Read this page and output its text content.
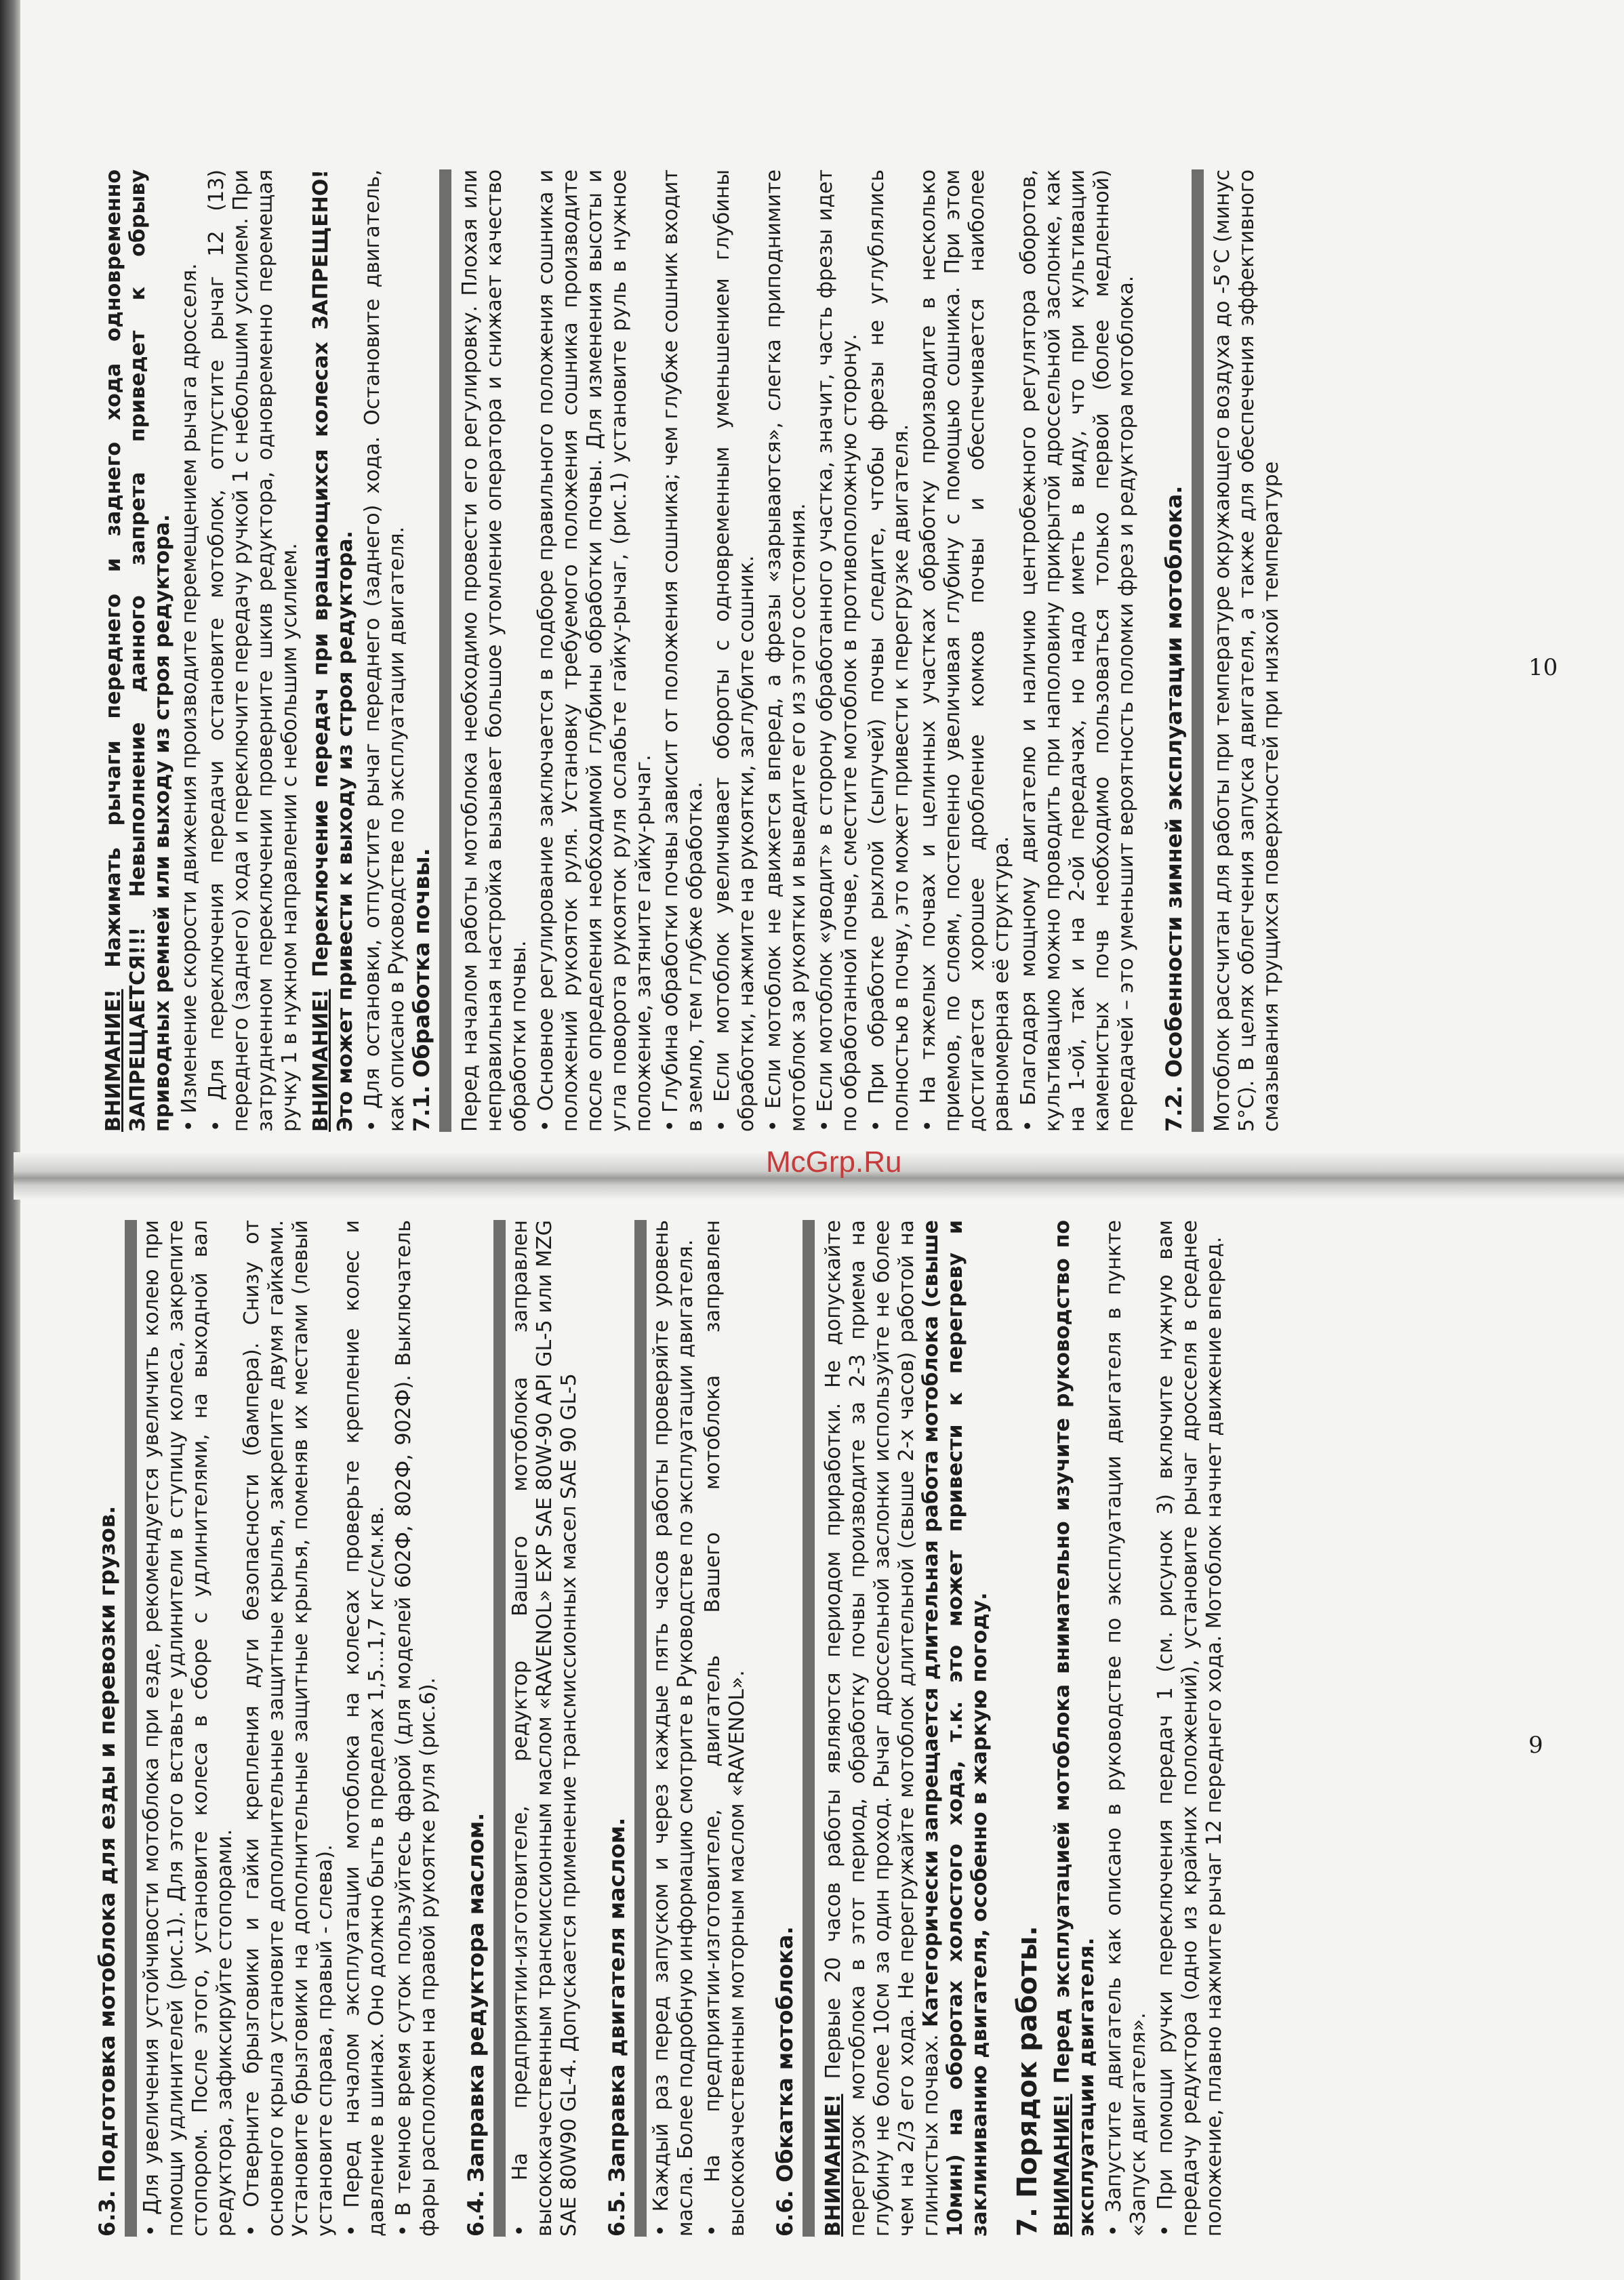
ВНИМАНИЕ! Нажимать рычаги переднего и заднего хода одновременно ЗАПРЕЩАЕТСЯ!!! Невыполнение данного запрета приведет к обрыву приводных ремней или выходу из строя редуктора. • Изменение скорости движения производите перемещением рычага дросселя. • Для переключения передачи остановите мотоблок, отпустите рычаг 12 (13) переднего (заднего) хода и переключите передачу ручкой 1 с небольшим усилием. При затрудненном переключении проверните шкив редуктора, одновременно перемещая ручку 1 в нужном направлении с небольшим усилием. ВНИМАНИЕ! Переключение передач при вращающихся колесах ЗАПРЕЩЕНО! Это может привести к выходу из строя редуктора. • Для остановки, отпустите рычаг переднего (заднего) хода. Остановите двигатель, как описано в Руководстве по эксплуатации двигателя. 7.1. Обработка почвы.	Перед началом работы мотоблока необходимо провести его регулировку. Плохая или неправильная настройка вызывает большое утомление оператора и снижает качество обработки почвы. • Основное регулирование заключается в подборе правильного положения сошника и положений рукояток руля. Установку требуемого положения сошника производите после определения необходимой глубины обработки почвы. Для изменения высоты и угла поворота рукояток руля ослабьте гайку-рычаг, (рис.1) установите руль в нужное положение, затяните гайку-рычаг. • Глубина обработки почвы зависит от положения сошника; чем глубже сошник входит в землю, тем глубже обработка. • Если мотоблок увеличивает обороты с одновременным уменьшением глубины обработки, нажмите на рукоятки, заглубите сошник. • Если мотоблок не движется вперед, а фрезы «зарываются», слегка приподнимите мотоблок за рукоятки и выведите его из этого состояния. • Если мотоблок «уводит» в сторону обработанного участка, значит, часть фрезы идет по обработанной почве, сместите мотоблок в противоположную сторону. • При обработке рыхлой (сыпучей) почвы следите, чтобы фрезы не углублялись полностью в почву, это может привести к перегрузке двигателя. • На тяжелых почвах и целинных участках обработку производите в несколько приемов, по слоям, постепенно увеличивая глубину с помощью сошника. При этом достигается хорошее дробление комков почвы и обеспечивается наиболее равномерная её структура. • Благодаря мощному двигателю и наличию центробежного регулятора оборотов, культивацию можно проводить при наполовину прикрытой дроссельной заслонке, как на 1-ой, так и на 2-ой передачах, но надо иметь в виду, что при культивации каменистых почв необходимо пользоваться только первой (более медленной) передачей – это уменьшит вероятность поломки фрез и редуктора мотоблока. 7.2. Особенности зимней эксплуатации мотоблока.	Мотоблок рассчитан для работы при температуре окружающего воздуха до -5°С (минус 5°С). В целях облегчения запуска двигателя, а также для обеспечения эффективного смазывания трущихся поверхностей при низкой температуре

6.3. Подготовка мотоблока для езды и перевозки грузов. • Для увеличения устойчивости мотоблока при езде, рекомендуется увеличить колею при помощи удлинителей (рис.1). Для этого вставьте удлинители в ступицу колеса, закрепите стопором. После этого, установите колеса в сборе с удлинителями, на выходной вал редуктора, зафиксируйте стопорами. • Отверните брызговики и гайки крепления дуги безопасности (бампера). Снизу от основного крыла установите дополнительные защитные крылья, закрепите двумя гайками. Установите брызговики на дополнительные защитные крылья, поменяв их местами (левый установите справа, правый - слева). • Перед началом эксплуатации мотоблока на колесах проверьте крепление колес и давление в шинах. Оно должно быть в пределах 1,5...1,7 кгс/см.кв. • В темное время суток пользуйтесь фарой (для моделей 602Ф, 802Ф, 902Ф). Выключатель фары расположен на правой рукоятке руля (рис.6). 6.4. Заправка редуктора маслом. • На предприятии-изготовителе, редуктор Вашего мотоблока заправлен высококачественным трансмиссионным маслом «RAVENOL» EXP SAE 80W-90 API GL-5 или MZG SAE 80W90 GL-4. Допускается применение трансмиссионных масел SAE 90 GL-5 6.5. Заправка двигателя маслом. • Каждый раз перед запуском и через каждые пять часов работы проверяйте уровень масла. Более подробную информацию смотрите в Руководстве по эксплуатации двигателя. • На предприятии-изготовителе, двигатель Вашего мотоблока заправлен высококачественным моторным маслом «RAVENOL». 6.6. Обкатка мотоблока.	ВНИМАНИЕ! Первые 20 часов работы являются периодом приработки. Не допускайте перегрузок мотоблока в этот период, обработку почвы производите за 2-3 приема на глубину не более 10см за один проход. Рычаг дроссельной заслонки используйте не более чем на 2/3 его хода. Не перегружайте мотоблок длительной (свыше 2-х часов) работой на глинистых почвах. Категорически запрещается длительная работа мотоблока (свыше 10мин) на оборотах холостого хода, т.к. это может привести к перегреву и заклиниванию двигателя, особенно в жаркую погоду. 7. Порядок работы. ВНИМАНИЕ! Перед эксплуатацией мотоблока внимательно изучите руководство по эксплуатации двигателя. • Запустите двигатель как описано в руководстве по эксплуатации двигателя в пункте «Запуск двигателя». • При помощи ручки переключения передач 1 (см. рисунок 3) включите нужную вам передачу редуктора (одно из крайних положений), установите рычаг дросселя в среднее положение, плавно нажмите рычаг 12 переднего хода. Мотоблок начнет движение вперед.
10
9
McGrp.Ru
